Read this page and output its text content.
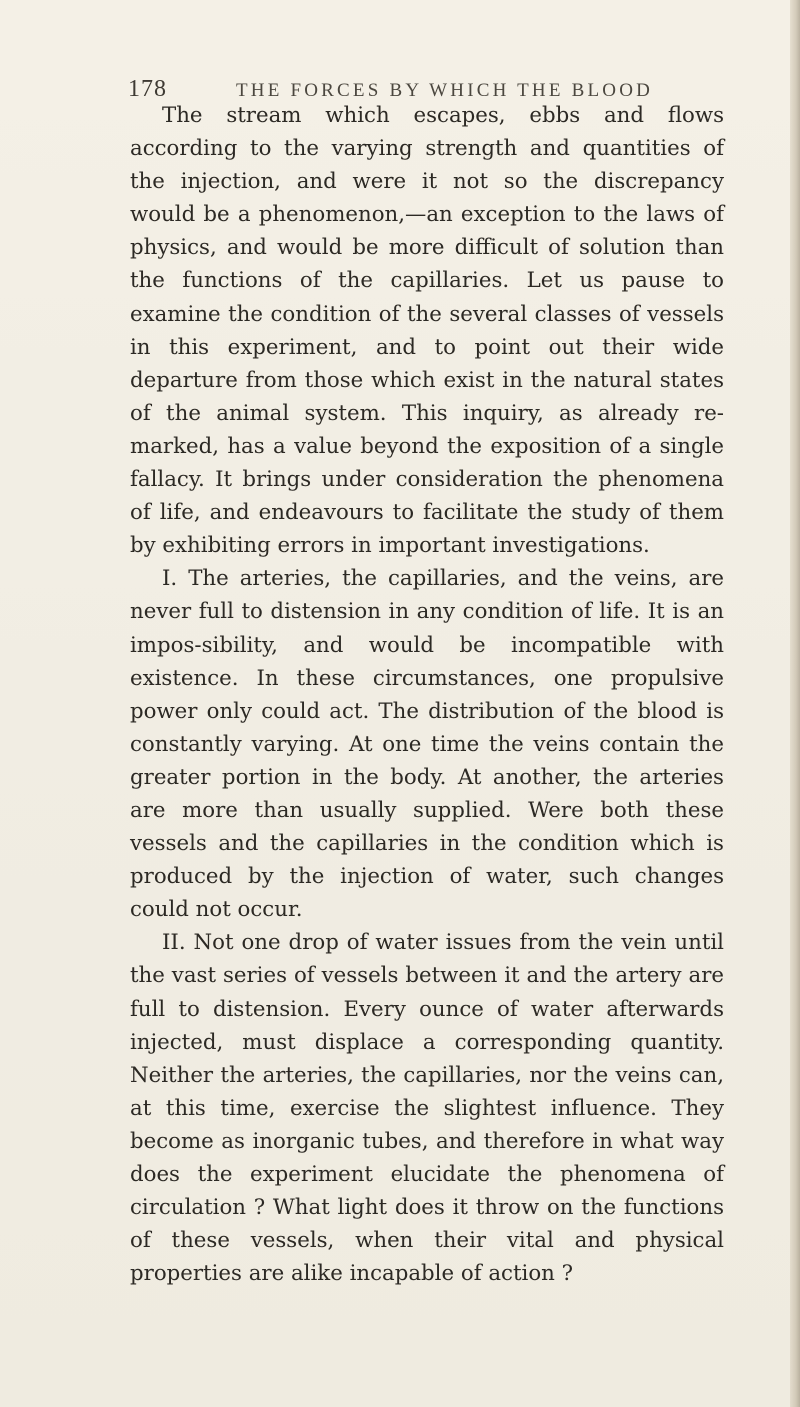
178	THE FORCES BY WHICH THE BLOOD

The stream which escapes, ebbs and flows according to the varying strength and quantities of the injection, and were it not so the discrepancy would be a phenomenon,—an exception to the laws of physics, and would be more difficult of solution than the functions of the capillaries. Let us pause to examine the condition of the several classes of vessels in this experiment, and to point out their wide departure from those which exist in the natural states of the animal system. This inquiry, as already re-marked, has a value beyond the exposition of a single fallacy. It brings under consideration the phenomena of life, and endeavours to facilitate the study of them by exhibiting errors in important investigations.

I. The arteries, the capillaries, and the veins, are never full to distension in any condition of life. It is an impos-sibility, and would be incompatible with existence. In these circumstances, one propulsive power only could act. The distribution of the blood is constantly varying. At one time the veins contain the greater portion in the body. At another, the arteries are more than usually supplied. Were both these vessels and the capillaries in the condition which is produced by the injection of water, such changes could not occur.

II. Not one drop of water issues from the vein until the vast series of vessels between it and the artery are full to distension. Every ounce of water afterwards injected, must displace a corresponding quantity. Neither the arteries, the capillaries, nor the veins can, at this time, exercise the slightest influence. They become as inorganic tubes, and therefore in what way does the experiment elucidate the phenomena of circulation ? What light does it throw on the functions of these vessels, when their vital and physical properties are alike incapable of action ?
